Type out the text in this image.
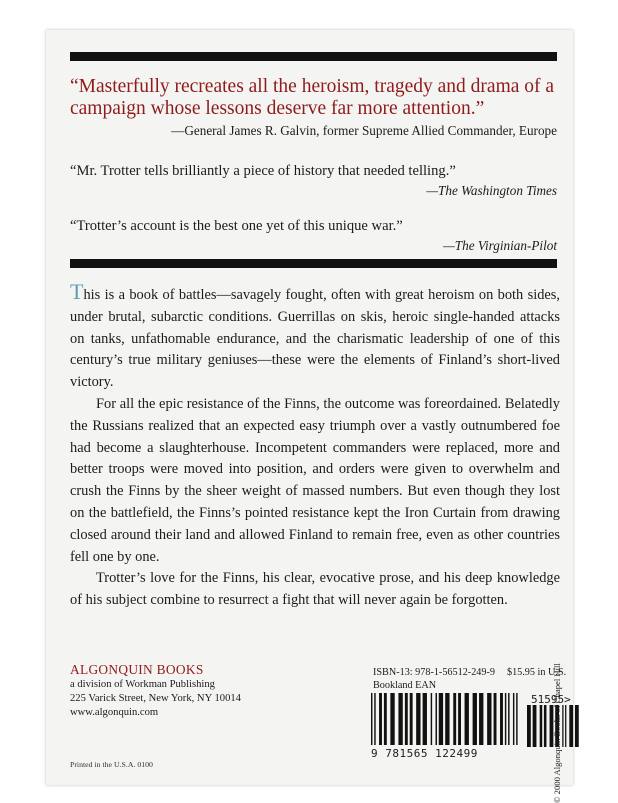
“Masterfully recreates all the heroism, tragedy and drama of a campaign whose lessons deserve far more attention.”
—General James R. Galvin, former Supreme Allied Commander, Europe
“Mr. Trotter tells brilliantly a piece of history that needed telling.”
—The Washington Times
“Trotter’s account is the best one yet of this unique war.”
—The Virginian-Pilot

This is a book of battles—savagely fought, often with great heroism on both sides, under brutal, subarctic conditions. Guerrillas on skis, heroic single-handed attacks on tanks, unfathomable endurance, and the charismatic leadership of one of this century’s true military geniuses—these were the elements of Finland’s short-lived victory.

For all the epic resistance of the Finns, the outcome was foreordained. Belatedly the Russians realized that an expected easy triumph over a vastly outnumbered foe had become a slaughterhouse. Incompetent commanders were replaced, more and better troops were moved into position, and orders were given to overwhelm and crush the Finns by the sheer weight of massed numbers. But even though they lost on the battlefield, the Finns’s pointed resistance kept the Iron Curtain from drawing closed around their land and allowed Finland to remain free, even as other countries fell one by one.

Trotter’s love for the Finns, his clear, evocative prose, and his deep knowledge of his subject combine to resurrect a fight that will never again be forgotten.

ALGONQUIN BOOKS
a division of Workman Publishing
225 Varick Street, New York, NY 10014
www.algonquin.com
Printed in the U.S.A. 0100
ISBN-13: 978-1-56512-249-9 $15.95 in U.S.
Bookland EAN
51595>
9 781565 122499	© 2000 Algonquin Books of Chapel Hill
